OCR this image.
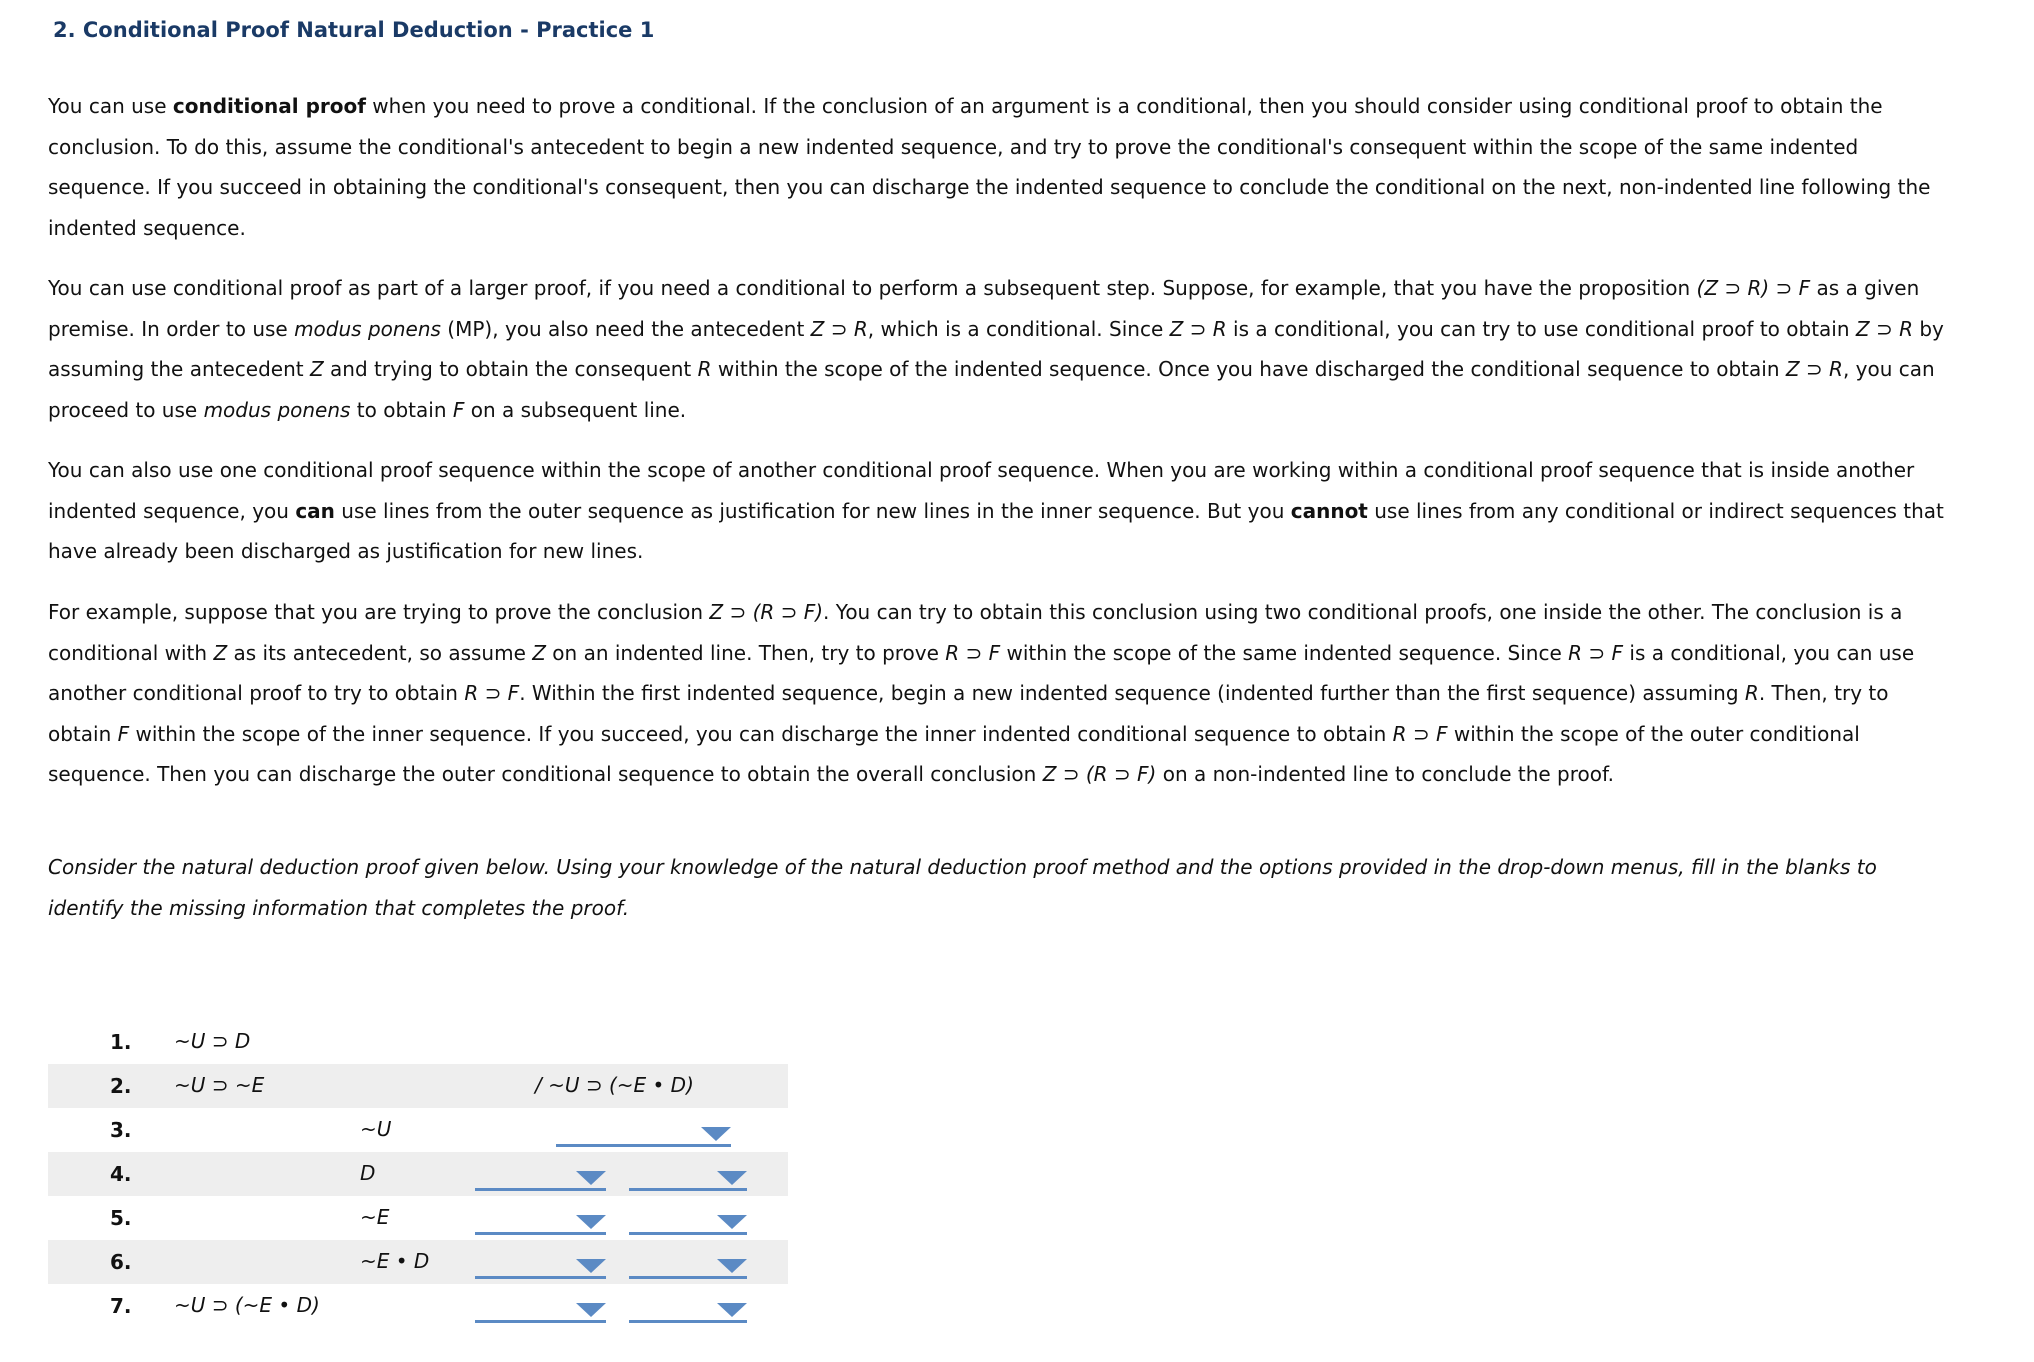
2. Conditional Proof Natural Deduction - Practice 1

You can use conditional proof when you need to prove a conditional. If the conclusion of an argument is a conditional, then you should consider using conditional proof to obtain the conclusion. To do this, assume the conditional's antecedent to begin a new indented sequence, and try to prove the conditional's consequent within the scope of the same indented sequence. If you succeed in obtaining the conditional's consequent, then you can discharge the indented sequence to conclude the conditional on the next, non-indented line following the indented sequence.

You can use conditional proof as part of a larger proof, if you need a conditional to perform a subsequent step. Suppose, for example, that you have the proposition (Z ⊃ R) ⊃ F as a given premise. In order to use modus ponens (MP), you also need the antecedent Z ⊃ R, which is a conditional. Since Z ⊃ R is a conditional, you can try to use conditional proof to obtain Z ⊃ R by assuming the antecedent Z and trying to obtain the consequent R within the scope of the indented sequence. Once you have discharged the conditional sequence to obtain Z ⊃ R, you can proceed to use modus ponens to obtain F on a subsequent line.

You can also use one conditional proof sequence within the scope of another conditional proof sequence. When you are working within a conditional proof sequence that is inside another indented sequence, you can use lines from the outer sequence as justification for new lines in the inner sequence. But you cannot use lines from any conditional or indirect sequences that have already been discharged as justification for new lines.

For example, suppose that you are trying to prove the conclusion Z ⊃ (R ⊃ F). You can try to obtain this conclusion using two conditional proofs, one inside the other. The conclusion is a conditional with Z as its antecedent, so assume Z on an indented line. Then, try to prove R ⊃ F within the scope of the same indented sequence. Since R ⊃ F is a conditional, you can use another conditional proof to try to obtain R ⊃ F. Within the first indented sequence, begin a new indented sequence (indented further than the first sequence) assuming R. Then, try to obtain F within the scope of the inner sequence. If you succeed, you can discharge the inner indented conditional sequence to obtain R ⊃ F within the scope of the outer conditional sequence. Then you can discharge the outer conditional sequence to obtain the overall conclusion Z ⊃ (R ⊃ F) on a non-indented line to conclude the proof.

Consider the natural deduction proof given below. Using your knowledge of the natural deduction proof method and the options provided in the drop-down menus, fill in the blanks to identify the missing information that completes the proof.

1.	~U ⊃ D
2.	~U ⊃ ~E	/ ~U ⊃ (~E • D)
3.	~U
4.	D
5.	~E
6.	~E • D
7.	~U ⊃ (~E • D)
